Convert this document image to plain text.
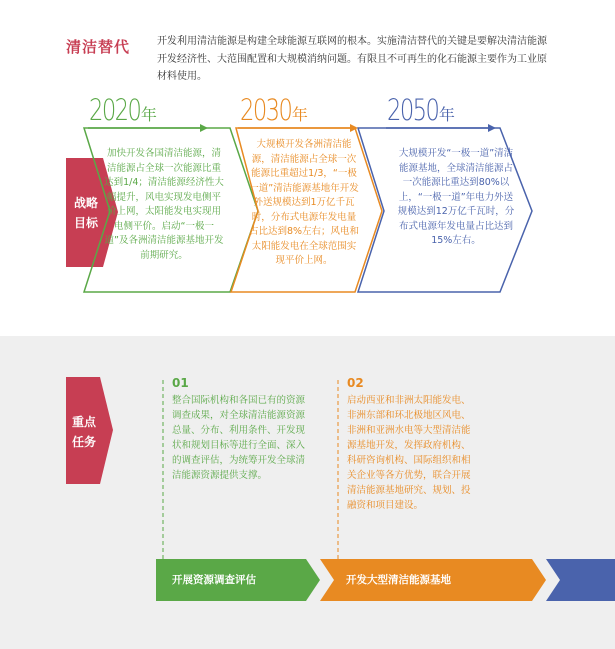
清洁替代	开发利用清洁能源是构建全球能源互联网的根本。实施清洁替代的关键是要解决清洁能源开发经济性、大范围配置和大规模消纳问题。有限且不可再生的化石能源主要作为工业原材料使用。
2020年	2030年	2050年
战略
目标
加快开发各国清洁能源，清洁能源占全球一次能源比重达到1/4；清洁能源经济性大幅提升，风电实现发电侧平价上网，太阳能发电实现用电侧平价。启动“一极一道”及各洲清洁能源基地开发前期研究。
大规模开发各洲清洁能源，清洁能源占全球一次能源比重超过1/3，“一极一道”清洁能源基地年开发外送规模达到1万亿千瓦时，分布式电源年发电量占比达到8%左右；风电和太阳能发电在全球范围实现平价上网。
大规模开发“一极一道”清洁能源基地，全球清洁能源占一次能源比重达到80%以上，“一极一道”年电力外送规模达到12万亿千瓦时，分布式电源年发电量占比达到15%左右。
重点
任务
01
整合国际机构和各国已有的资源调查成果，对全球清洁能源资源总量、分布、利用条件、开发现状和规划目标等进行全面、深入的调查评估，为统筹开发全球清洁能源资源提供支撑。
02
启动西亚和非洲太阳能发电、非洲东部和环北极地区风电、非洲和亚洲水电等大型清洁能源基地开发，发挥政府机构、科研咨询机构、国际组织和相关企业等各方优势，联合开展清洁能源基地研究、规划、投融资和项目建设。
开展资源调查评估	开发大型清洁能源基地
